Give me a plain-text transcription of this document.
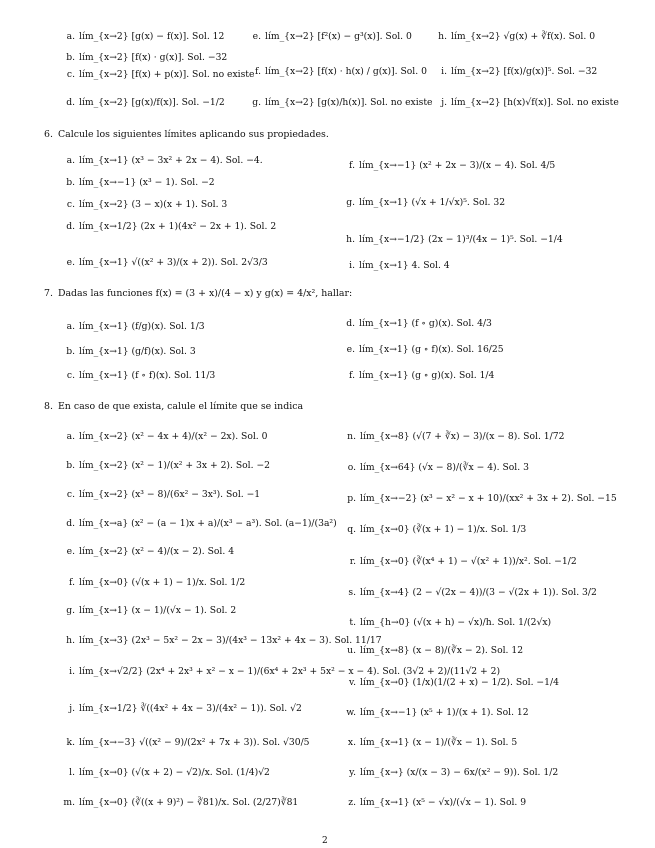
a. lím_{x→2} [g(x) − f(x)]. Sol. 12
b. lím_{x→2} [f(x) · g(x)]. Sol. −32
c. lím_{x→2} [f(x) + p(x)]. Sol. no existe
d. lím_{x→2} [g(x)/f(x)]. Sol. −1/2
e. lím_{x→2} [f²(x) − g³(x)]. Sol. 0
f. lím_{x→2} [f(x) · h(x) / g(x)]. Sol. 0
g. lím_{x→2} [g(x)/h(x)]. Sol. no existe
h. lím_{x→2} √g(x) + ∛f(x). Sol. 0
i. lím_{x→2} [f(x)/g(x)]⁵. Sol. −32
j. lím_{x→2} [h(x)√f(x)]. Sol. no existe
6. Calcule los siguientes límites aplicando sus propiedades.
a. lím_{x→1} (x³ − 3x² + 2x − 4). Sol. −4.
b. lím_{x→−1} (x³ − 1). Sol. −2
c. lím_{x→2} (3 − x)(x + 1). Sol. 3
d. lím_{x→1/2} (2x + 1)(4x² − 2x + 1). Sol. 2
e. lím_{x→1} √((x² + 3)/(x + 2)). Sol. 2√3/3
f. lím_{x→−1} (x² + 2x − 3)/(x − 4). Sol. 4/5
g. lím_{x→1} (√x + 1/√x)⁵. Sol. 32
h. lím_{x→−1/2} (2x − 1)³/(4x − 1)⁵. Sol. −1/4
i. lím_{x→1} 4. Sol. 4
7. Dadas las funciones f(x) = (3 + x)/(4 − x) y g(x) = 4/x², hallar:
a. lím_{x→1} (f/g)(x). Sol. 1/3
b. lím_{x→1} (g/f)(x). Sol. 3
c. lím_{x→1} (f ∘ f)(x). Sol. 11/3
d. lím_{x→1} (f ∘ g)(x). Sol. 4/3
e. lím_{x→1} (g ∘ f)(x). Sol. 16/25
f. lím_{x→1} (g ∘ g)(x). Sol. 1/4
8. En caso de que exista, calule el límite que se indica
a. lím_{x→2} (x² − 4x + 4)/(x² − 2x). Sol. 0
b. lím_{x→2} (x² − 1)/(x² + 3x + 2). Sol. −2
c. lím_{x→2} (x³ − 8)/(6x² − 3x³). Sol. −1
d. lím_{x→a} (x² − (a − 1)x + a)/(x³ − a³). Sol. (a−1)/(3a²)
e. lím_{x→2} (x² − 4)/(x − 2). Sol. 4
f. lím_{x→0} (√(x + 1) − 1)/x. Sol. 1/2
g. lím_{x→1} (x − 1)/(√x − 1). Sol. 2
h. lím_{x→3} (2x³ − 5x² − 2x − 3)/(4x³ − 13x² + 4x − 3). Sol. 11/17
i. lím_{x→√2/2} (2x⁴ + 2x³ + x² − x − 1)/(6x⁴ + 2x³ + 5x² − x − 4). Sol. (3√2 + 2)/(11√2 + 2)
j. lím_{x→1/2} ∛((4x² + 4x − 3)/(4x² − 1)). Sol. √2
k. lím_{x→−3} √((x² − 9)/(2x² + 7x + 3)). Sol. √30/5
l. lím_{x→0} (√(x + 2) − √2)/x. Sol. (1/4)√2
m. lím_{x→0} (∛((x + 9)²) − ∛81)/x. Sol. (2/27)∛81
n. lím_{x→8} (√(7 + ∛x) − 3)/(x − 8). Sol. 1/72
o. lím_{x→64} (√x − 8)/(∛x − 4). Sol. 3
p. lím_{x→−2} (x³ − x² − x + 10)/(xx² + 3x + 2). Sol. −15
q. lím_{x→0} (∛(x + 1) − 1)/x. Sol. 1/3
r. lím_{x→0} (∛(x⁴ + 1) − √(x² + 1))/x². Sol. −1/2
s. lím_{x→4} (2 − √(2x − 4))/(3 − √(2x + 1)). Sol. 3/2
t. lím_{h→0} (√(x + h) − √x)/h. Sol. 1/(2√x)
u. lím_{x→8} (x − 8)/(∛x − 2). Sol. 12
v. lím_{x→0} (1/x)(1/(2 + x) − 1/2). Sol. −1/4
w. lím_{x→−1} (x⁵ + 1)/(x + 1). Sol. 12
x. lím_{x→1} (x − 1)/(∛x − 1). Sol. 5
y. lím_{x→} (x/(x − 3) − 6x/(x² − 9)). Sol. 1/2
z. lím_{x→1} (x⁵ − √x)/(√x − 1). Sol. 9
2
